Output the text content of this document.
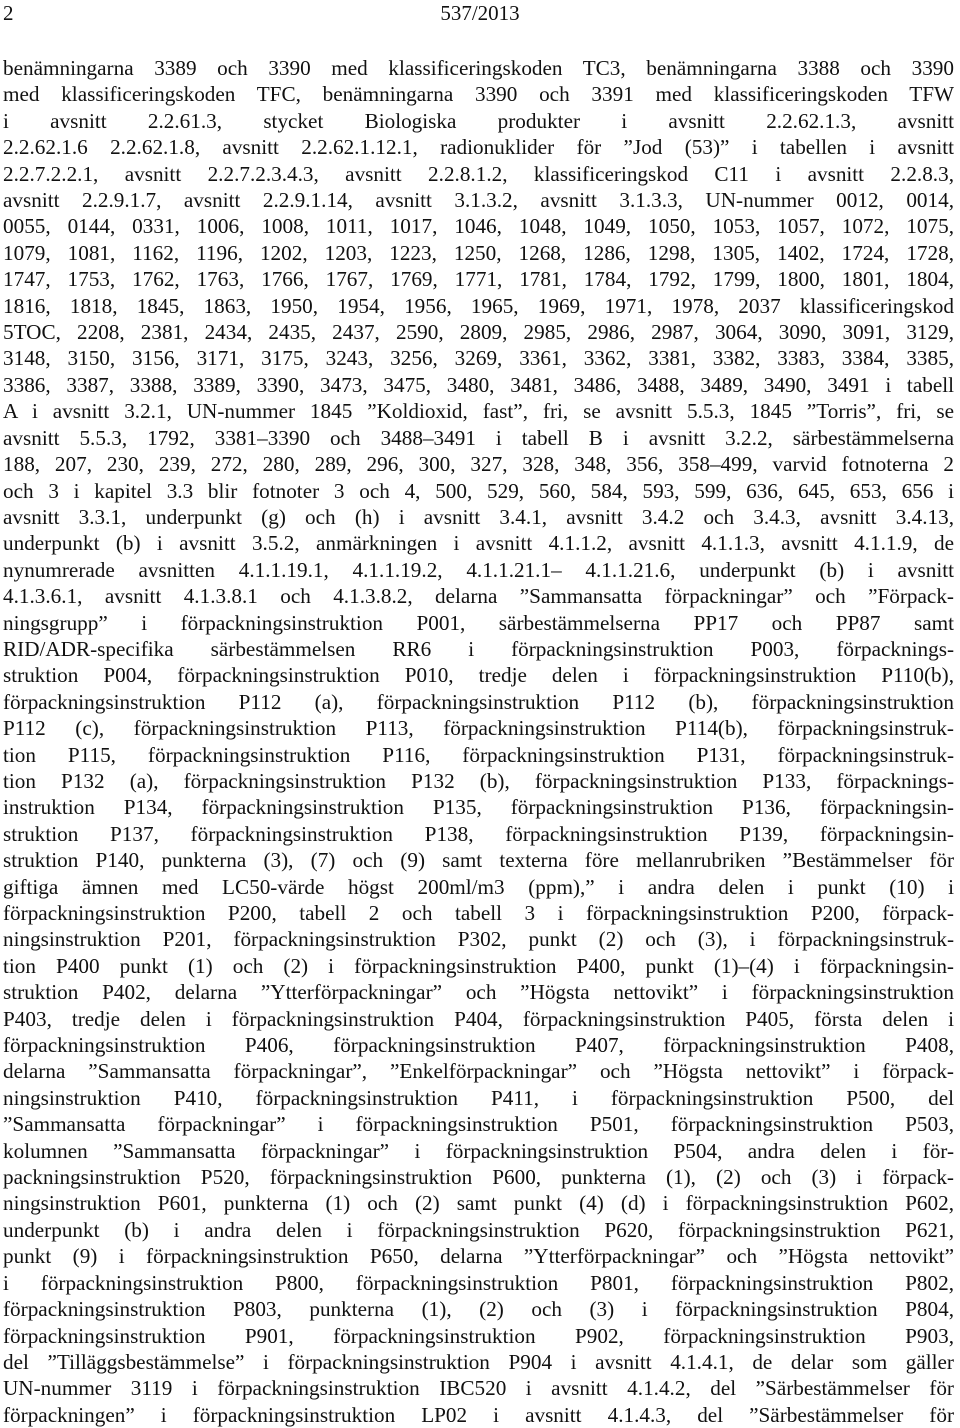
2	537/2013
benämningarna 3389 och 3390 med klassificeringskoden TC3, benämningarna 3388 och 3390
med klassificeringskoden TFC, benämningarna 3390 och 3391 med klassificeringskoden TFW
i avsnitt 2.2.61.3, stycket Biologiska produkter i avsnitt 2.2.62.1.3, avsnitt
2.2.62.1.6 2.2.62.1.8, avsnitt 2.2.62.1.12.1, radionuklider för ”Jod (53)” i tabellen i avsnitt
2.2.7.2.2.1, avsnitt 2.2.7.2.3.4.3, avsnitt 2.2.8.1.2, klassificeringskod C11 i avsnitt 2.2.8.3,
avsnitt 2.2.9.1.7, avsnitt 2.2.9.1.14, avsnitt 3.1.3.2, avsnitt 3.1.3.3, UN-nummer 0012, 0014,
0055, 0144, 0331, 1006, 1008, 1011, 1017, 1046, 1048, 1049, 1050, 1053, 1057, 1072, 1075,
1079, 1081, 1162, 1196, 1202, 1203, 1223, 1250, 1268, 1286, 1298, 1305, 1402, 1724, 1728,
1747, 1753, 1762, 1763, 1766, 1767, 1769, 1771, 1781, 1784, 1792, 1799, 1800, 1801, 1804,
1816, 1818, 1845, 1863, 1950, 1954, 1956, 1965, 1969, 1971, 1978, 2037 klassificeringskod
5TOC, 2208, 2381, 2434, 2435, 2437, 2590, 2809, 2985, 2986, 2987, 3064, 3090, 3091, 3129,
3148, 3150, 3156, 3171, 3175, 3243, 3256, 3269, 3361, 3362, 3381, 3382, 3383, 3384, 3385,
3386, 3387, 3388, 3389, 3390, 3473, 3475, 3480, 3481, 3486, 3488, 3489, 3490, 3491 i tabell
A i avsnitt 3.2.1, UN-nummer 1845 ”Koldioxid, fast”, fri, se avsnitt 5.5.3, 1845 ”Torris”, fri, se
avsnitt 5.5.3, 1792, 3381–3390 och 3488–3491 i tabell B i avsnitt 3.2.2, särbestämmelserna
188, 207, 230, 239, 272, 280, 289, 296, 300, 327, 328, 348, 356, 358–499, varvid fotnoterna 2
och 3 i kapitel 3.3 blir fotnoter 3 och 4, 500, 529, 560, 584, 593, 599, 636, 645, 653, 656 i
avsnitt 3.3.1, underpunkt (g) och (h) i avsnitt 3.4.1, avsnitt 3.4.2 och 3.4.3, avsnitt 3.4.13,
underpunkt (b) i avsnitt 3.5.2, anmärkningen i avsnitt 4.1.1.2, avsnitt 4.1.1.3, avsnitt 4.1.1.9, de
nynumrerade avsnitten 4.1.1.19.1, 4.1.1.19.2, 4.1.1.21.1– 4.1.1.21.6, underpunkt (b) i avsnitt
4.1.3.6.1, avsnitt 4.1.3.8.1 och 4.1.3.8.2, delarna ”Sammansatta förpackningar” och ”Förpack-
ningsgrupp” i förpackningsinstruktion P001, särbestämmelserna PP17 och PP87 samt
RID/ADR-specifika särbestämmelsen RR6 i förpackningsinstruktion P003, förpacknings-
struktion P004, förpackningsinstruktion P010, tredje delen i förpackningsinstruktion P110(b),
förpackningsinstruktion P112 (a), förpackningsinstruktion P112 (b), förpackningsinstruktion
P112 (c), förpackningsinstruktion P113, förpackningsinstruktion P114(b), förpackningsinstruk-
tion P115, förpackningsinstruktion P116, förpackningsinstruktion P131, förpackningsinstruk-
tion P132 (a), förpackningsinstruktion P132 (b), förpackningsinstruktion P133, förpacknings-
instruktion P134, förpackningsinstruktion P135, förpackningsinstruktion P136, förpackningsin-
struktion P137, förpackningsinstruktion P138, förpackningsinstruktion P139, förpackningsin-
struktion P140, punkterna (3), (7) och (9) samt texterna före mellanrubriken ”Bestämmelser för
giftiga ämnen med LC50-värde högst 200ml/m3 (ppm),” i andra delen i punkt (10) i
förpackningsinstruktion P200, tabell 2 och tabell 3 i förpackningsinstruktion P200, förpack-
ningsinstruktion P201, förpackningsinstruktion P302, punkt (2) och (3), i förpackningsinstruk-
tion P400 punkt (1) och (2) i förpackningsinstruktion P400, punkt (1)–(4) i förpackningsin-
struktion P402, delarna ”Ytterförpackningar” och ”Högsta nettovikt” i förpackningsinstruktion
P403, tredje delen i förpackningsinstruktion P404, förpackningsinstruktion P405, första delen i
förpackningsinstruktion P406, förpackningsinstruktion P407, förpackningsinstruktion P408,
delarna ”Sammansatta förpackningar”, ”Enkelförpackningar” och ”Högsta nettovikt” i förpack-
ningsinstruktion P410, förpackningsinstruktion P411, i förpackningsinstruktion P500, del
”Sammansatta förpackningar” i förpackningsinstruktion P501, förpackningsinstruktion P503,
kolumnen ”Sammansatta förpackningar” i förpackningsinstruktion P504, andra delen i för-
packningsinstruktion P520, förpackningsinstruktion P600, punkterna (1), (2) och (3) i förpack-
ningsinstruktion P601, punkterna (1) och (2) samt punkt (4) (d) i förpackningsinstruktion P602,
underpunkt (b) i andra delen i förpackningsinstruktion P620, förpackningsinstruktion P621,
punkt (9) i förpackningsinstruktion P650, delarna ”Ytterförpackningar” och ”Högsta nettovikt”
i förpackningsinstruktion P800, förpackningsinstruktion P801, förpackningsinstruktion P802,
förpackningsinstruktion P803, punkterna (1), (2) och (3) i förpackningsinstruktion P804,
förpackningsinstruktion P901, förpackningsinstruktion P902, förpackningsinstruktion P903,
del ”Tilläggsbestämmelse” i förpackningsinstruktion P904 i avsnitt 4.1.4.1, de delar som gäller
UN-nummer 3119 i förpackningsinstruktion IBC520 i avsnitt 4.1.4.2, del ”Särbestämmelser för
förpackningen” i förpackningsinstruktion LP02 i avsnitt 4.1.4.3, del ”Särbestämmelser för
